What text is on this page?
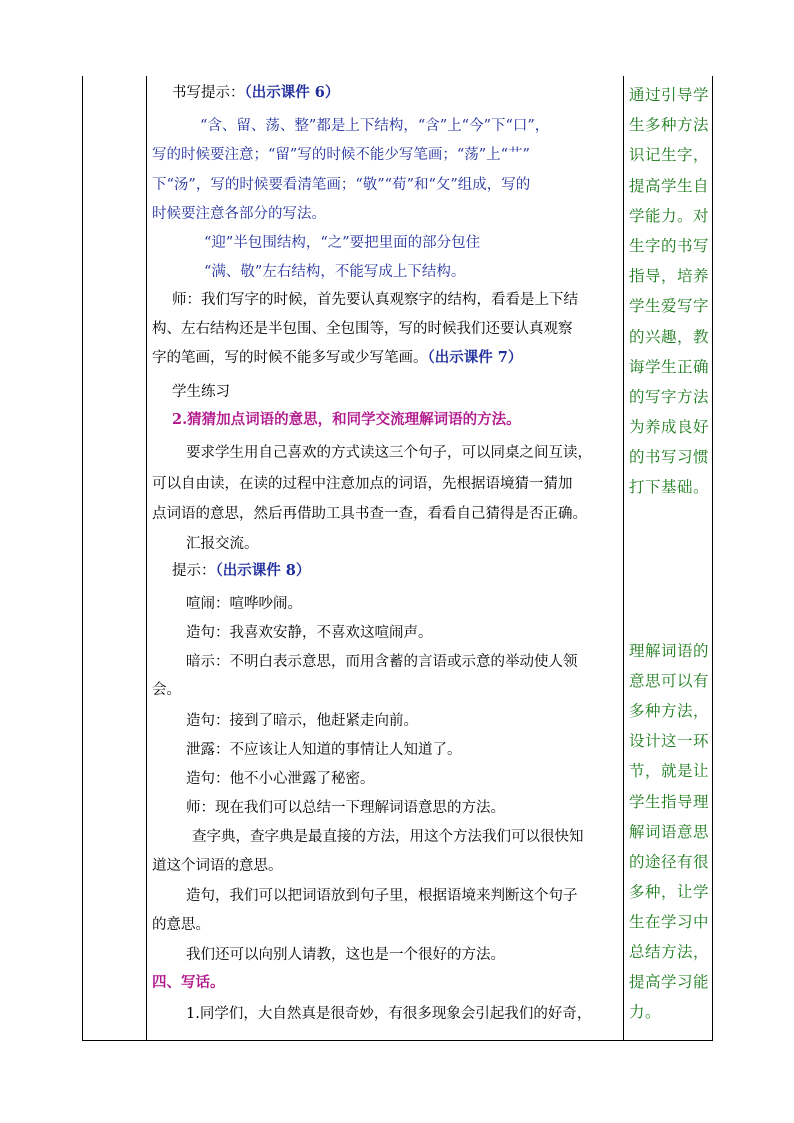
书写提示：（出示课件 6）
“含、留、荡、整”都是上下结构，“含”上“今”下“口”，
写的时候要注意；“留”写的时候不能少写笔画；“荡”上“艹”
下“汤”，写的时候要看清笔画；“敬”“荀”和“攵”组成，写的
时候要注意各部分的写法。
“迎”半包围结构，“之”要把里面的部分包住
“满、敬”左右结构，不能写成上下结构。
师：我们写字的时候，首先要认真观察字的结构，看看是上下结
构、左右结构还是半包围、全包围等，写的时候我们还要认真观察
字的笔画，写的时候不能多写或少写笔画。（出示课件 7）
学生练习
2.猜猜加点词语的意思，和同学交流理解词语的方法。
要求学生用自己喜欢的方式读这三个句子，可以同桌之间互读，
可以自由读，在读的过程中注意加点的词语，先根据语境猜一猜加
点词语的意思，然后再借助工具书查一查，看看自己猜得是否正确。
汇报交流。
提示：（出示课件 8）
喧闹：喧哗吵闹。
造句：我喜欢安静，不喜欢这喧闹声。
暗示：不明白表示意思，而用含蓄的言语或示意的举动使人领
会。
造句：接到了暗示，他赶紧走向前。
泄露：不应该让人知道的事情让人知道了。
造句：他不小心泄露了秘密。
师：现在我们可以总结一下理解词语意思的方法。
查字典，查字典是最直接的方法，用这个方法我们可以很快知
道这个词语的意思。
造句，我们可以把词语放到句子里，根据语境来判断这个句子
的意思。
我们还可以向别人请教，这也是一个很好的方法。
四、写话。
1.同学们，大自然真是很奇妙，有很多现象会引起我们的好奇，
通过引导学
生多种方法
识记生字，
提高学生自
学能力。对
生字的书写
指导，培养
学生爱写字
的兴趣，教
诲学生正确
的写字方法
为养成良好
的书写习惯
打下基础。
理解词语的
意思可以有
多种方法，
设计这一环
节，就是让
学生指导理
解词语意思
的途径有很
多种，让学
生在学习中
总结方法，
提高学习能
力。
